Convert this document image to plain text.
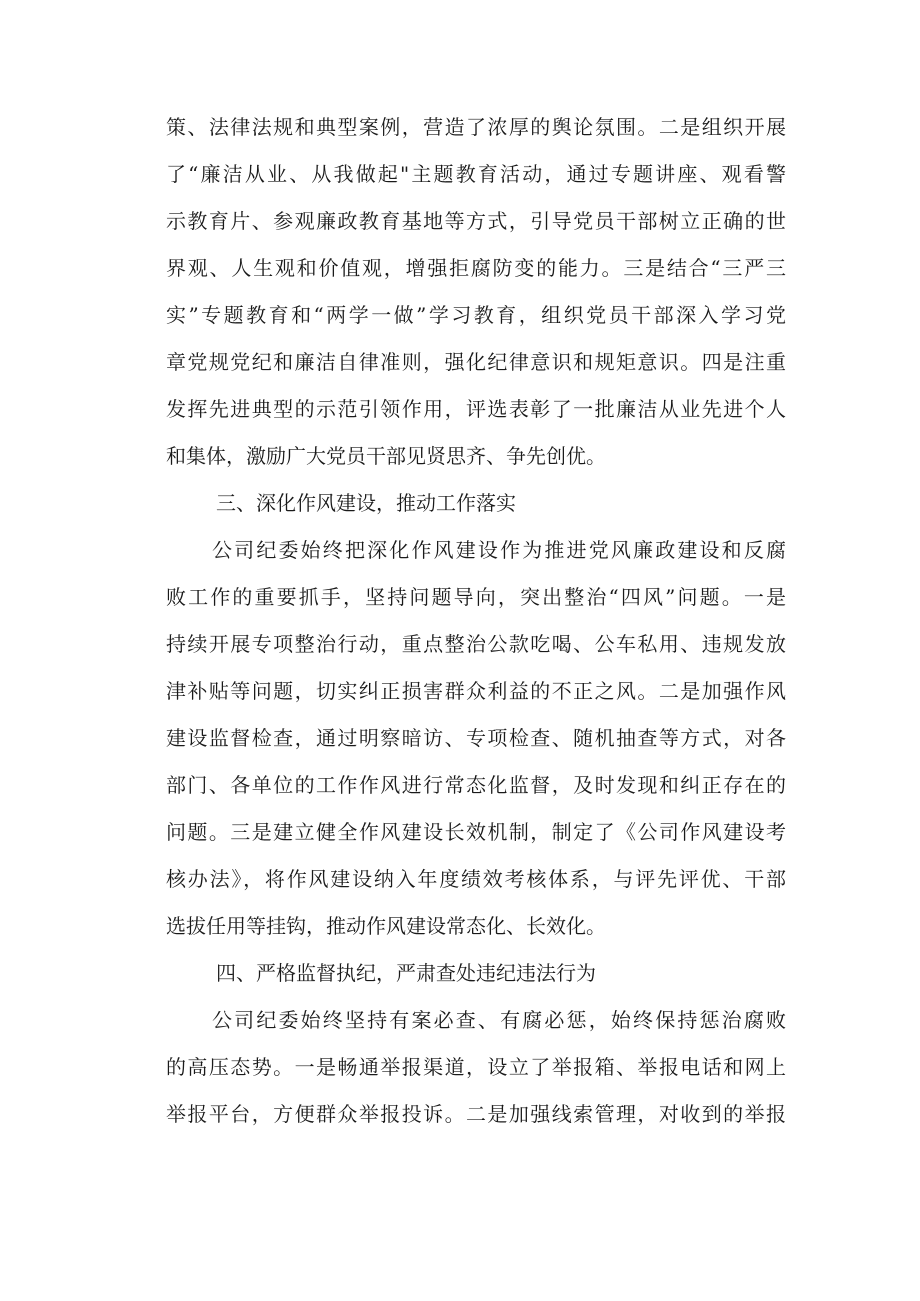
策、法律法规和典型案例，营造了浓厚的舆论氛围。二是组织开展
了“廉洁从业、从我做起"主题教育活动，通过专题讲座、观看警
示教育片、参观廉政教育基地等方式，引导党员干部树立正确的世
界观、人生观和价值观，增强拒腐防变的能力。三是结合“三严三
实”专题教育和“两学一做”学习教育，组织党员干部深入学习党
章党规党纪和廉洁自律准则，强化纪律意识和规矩意识。四是注重
发挥先进典型的示范引领作用，评选表彰了一批廉洁从业先进个人
和集体，激励广大党员干部见贤思齐、争先创优。
三、深化作风建设，推动工作落实
公司纪委始终把深化作风建设作为推进党风廉政建设和反腐
败工作的重要抓手，坚持问题导向，突出整治“四风”问题。一是
持续开展专项整治行动，重点整治公款吃喝、公车私用、违规发放
津补贴等问题，切实纠正损害群众利益的不正之风。二是加强作风
建设监督检查，通过明察暗访、专项检查、随机抽查等方式，对各
部门、各单位的工作作风进行常态化监督，及时发现和纠正存在的
问题。三是建立健全作风建设长效机制，制定了《公司作风建设考
核办法》，将作风建设纳入年度绩效考核体系，与评先评优、干部
选拔任用等挂钩，推动作风建设常态化、长效化。
四、严格监督执纪，严肃查处违纪违法行为
公司纪委始终坚持有案必查、有腐必惩，始终保持惩治腐败
的高压态势。一是畅通举报渠道，设立了举报箱、举报电话和网上
举报平台，方便群众举报投诉。二是加强线索管理，对收到的举报
